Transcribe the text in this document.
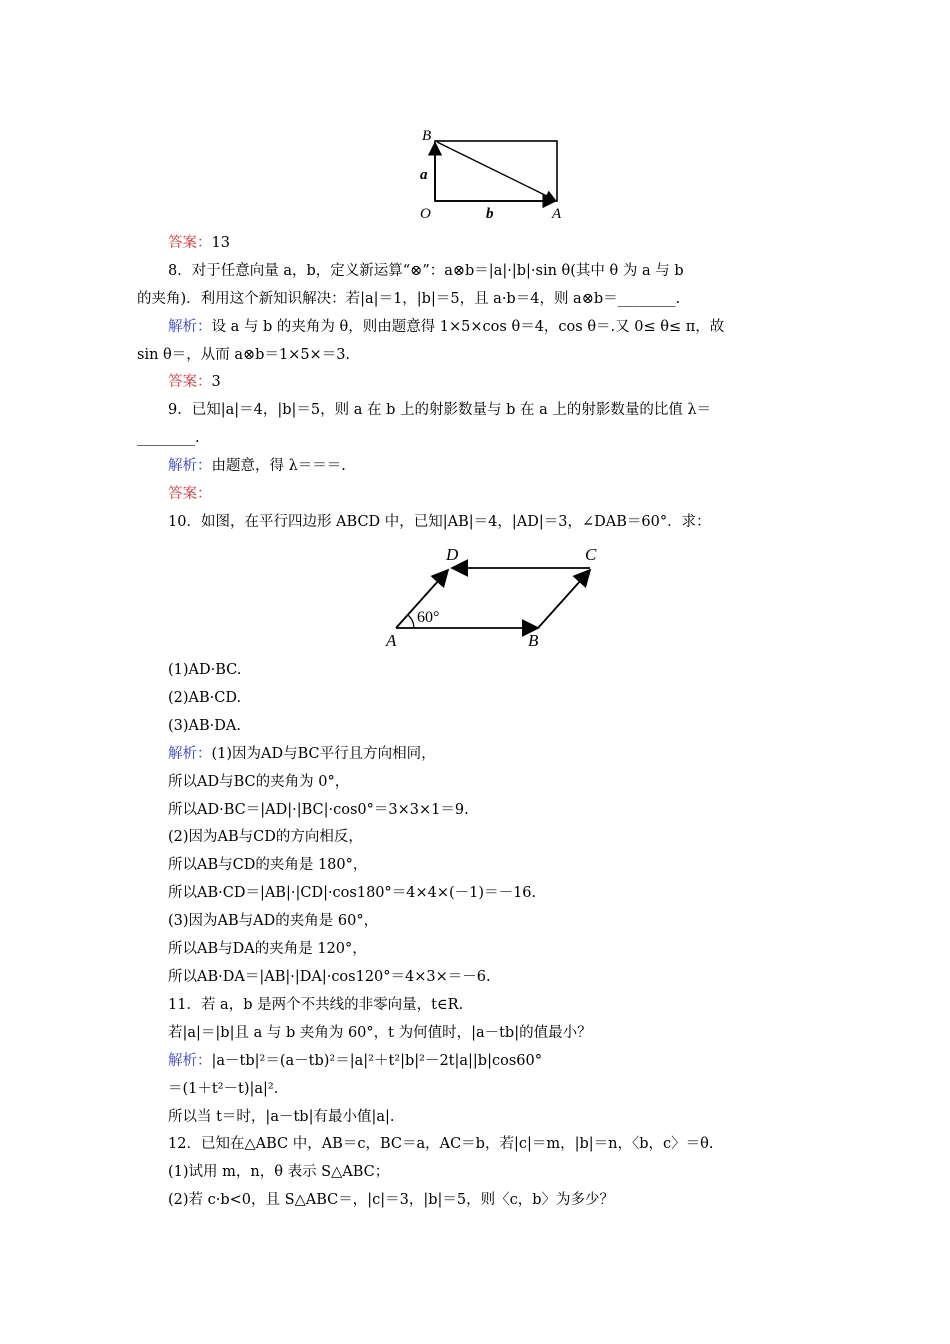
B
O	A
a
b
60°
D	C
A	B
答案：13
8．对于任意向量 a，b，定义新运算“⊗”：a⊗b＝|a|·|b|·sin θ(其中 θ 为 a 与 b
的夹角)．利用这个新知识解决：若|a|＝1，|b|＝5，且 a·b＝4，则 a⊗b＝________.
解析：设 a 与 b 的夹角为 θ，则由题意得 1×5×cos θ＝4，cos θ＝.又 0≤ θ≤ π，故
sin θ＝，从而 a⊗b＝1×5×＝3.
答案：3
9．已知|a|＝4，|b|＝5，则 a 在 b 上的射影数量与 b 在 a 上的射影数量的比值 λ＝
________.
解析：由题意，得 λ＝＝＝.
答案：
10．如图，在平行四边形 ABCD 中，已知|AB|＝4，|AD|＝3，∠DAB＝60°．求：
(1)AD·BC.
(2)AB·CD.
(3)AB·DA.
解析：(1)因为AD与BC平行且方向相同，
所以AD与BC的夹角为 0°，
所以AD·BC＝|AD|·|BC|·cos0°＝3×3×1＝9.
(2)因为AB与CD的方向相反，
所以AB与CD的夹角是 180°，
所以AB·CD＝|AB|·|CD|·cos180°＝4×4×(－1)＝－16.
(3)因为AB与AD的夹角是 60°，
所以AB与DA的夹角是 120°，
所以AB·DA＝|AB|·|DA|·cos120°＝4×3×＝－6.
11．若 a，b 是两个不共线的非零向量，t∈R.
若|a|＝|b|且 a 与 b 夹角为 60°，t 为何值时，|a－tb|的值最小？
解析：|a－tb|²＝(a－tb)²＝|a|²＋t²|b|²－2t|a||b|cos60°
＝(1＋t²－t)|a|².
所以当 t＝时，|a－tb|有最小值|a|.
12．已知在△ABC 中，AB＝c，BC＝a，AC＝b，若|c|＝m，|b|＝n，〈b，c〉＝θ.
(1)试用 m，n，θ 表示 S△ABC；
(2)若 c·b<0，且 S△ABC＝，|c|＝3，|b|＝5，则〈c，b〉为多少？
